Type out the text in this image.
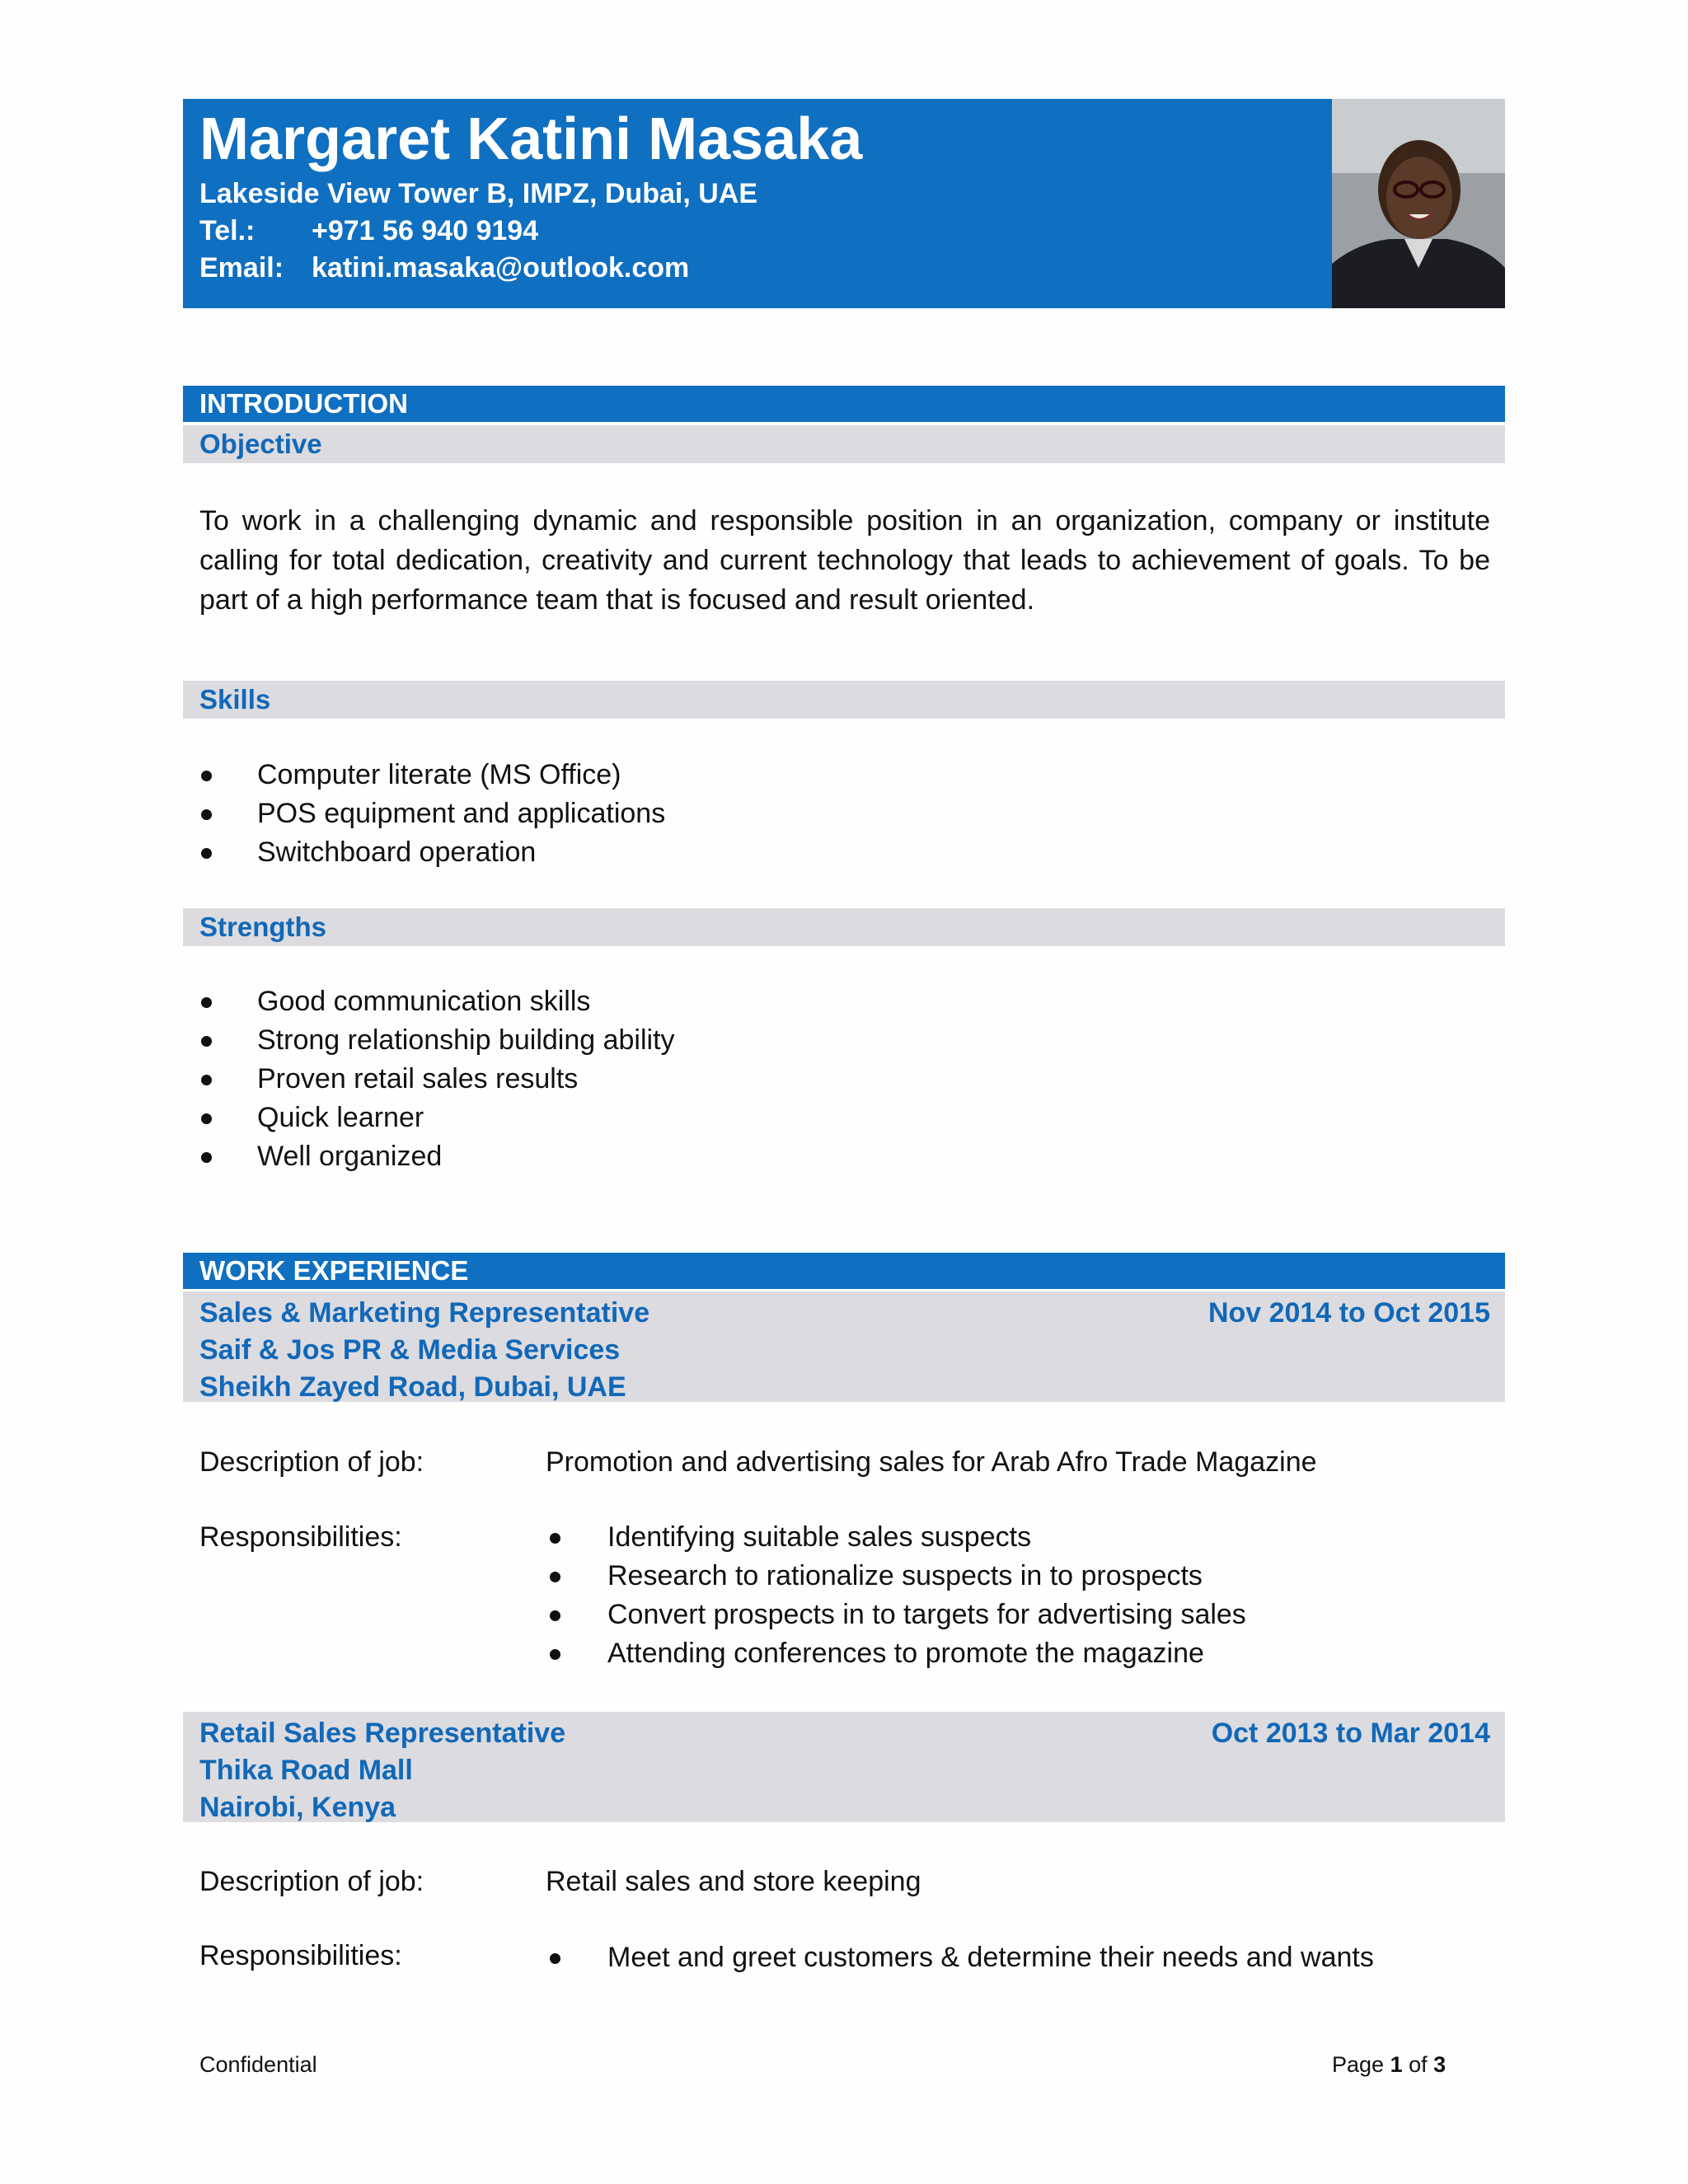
Margaret Katini Masaka
Lakeside View Tower B, IMPZ, Dubai, UAE
Tel.: +971 56 940 9194
Email: katini.masaka@outlook.com
INTRODUCTION
Objective
To work in a challenging dynamic and responsible position in an organization, company or institute calling for total dedication, creativity and current technology that leads to achievement of goals. To be part of a high performance team that is focused and result oriented.
Skills
Computer literate (MS Office)
POS equipment and applications
Switchboard operation
Strengths
Good communication skills
Strong relationship building ability
Proven retail sales results
Quick learner
Well organized
WORK EXPERIENCE
Sales & Marketing Representative
Saif & Jos PR & Media Services
Sheikh Zayed Road, Dubai, UAE
Nov 2014 to Oct 2015
Description of job:	Promotion and advertising sales for Arab Afro Trade Magazine
Responsibilities:	Identifying suitable sales suspects
Research to rationalize suspects in to prospects
Convert prospects in to targets for advertising sales
Attending conferences to promote the magazine
Retail Sales Representative
Thika Road Mall
Nairobi, Kenya
Oct 2013 to Mar 2014
Description of job:	Retail sales and store keeping
Responsibilities:	Meet and greet customers & determine their needs and wants
Confidential	Page 1 of 3
